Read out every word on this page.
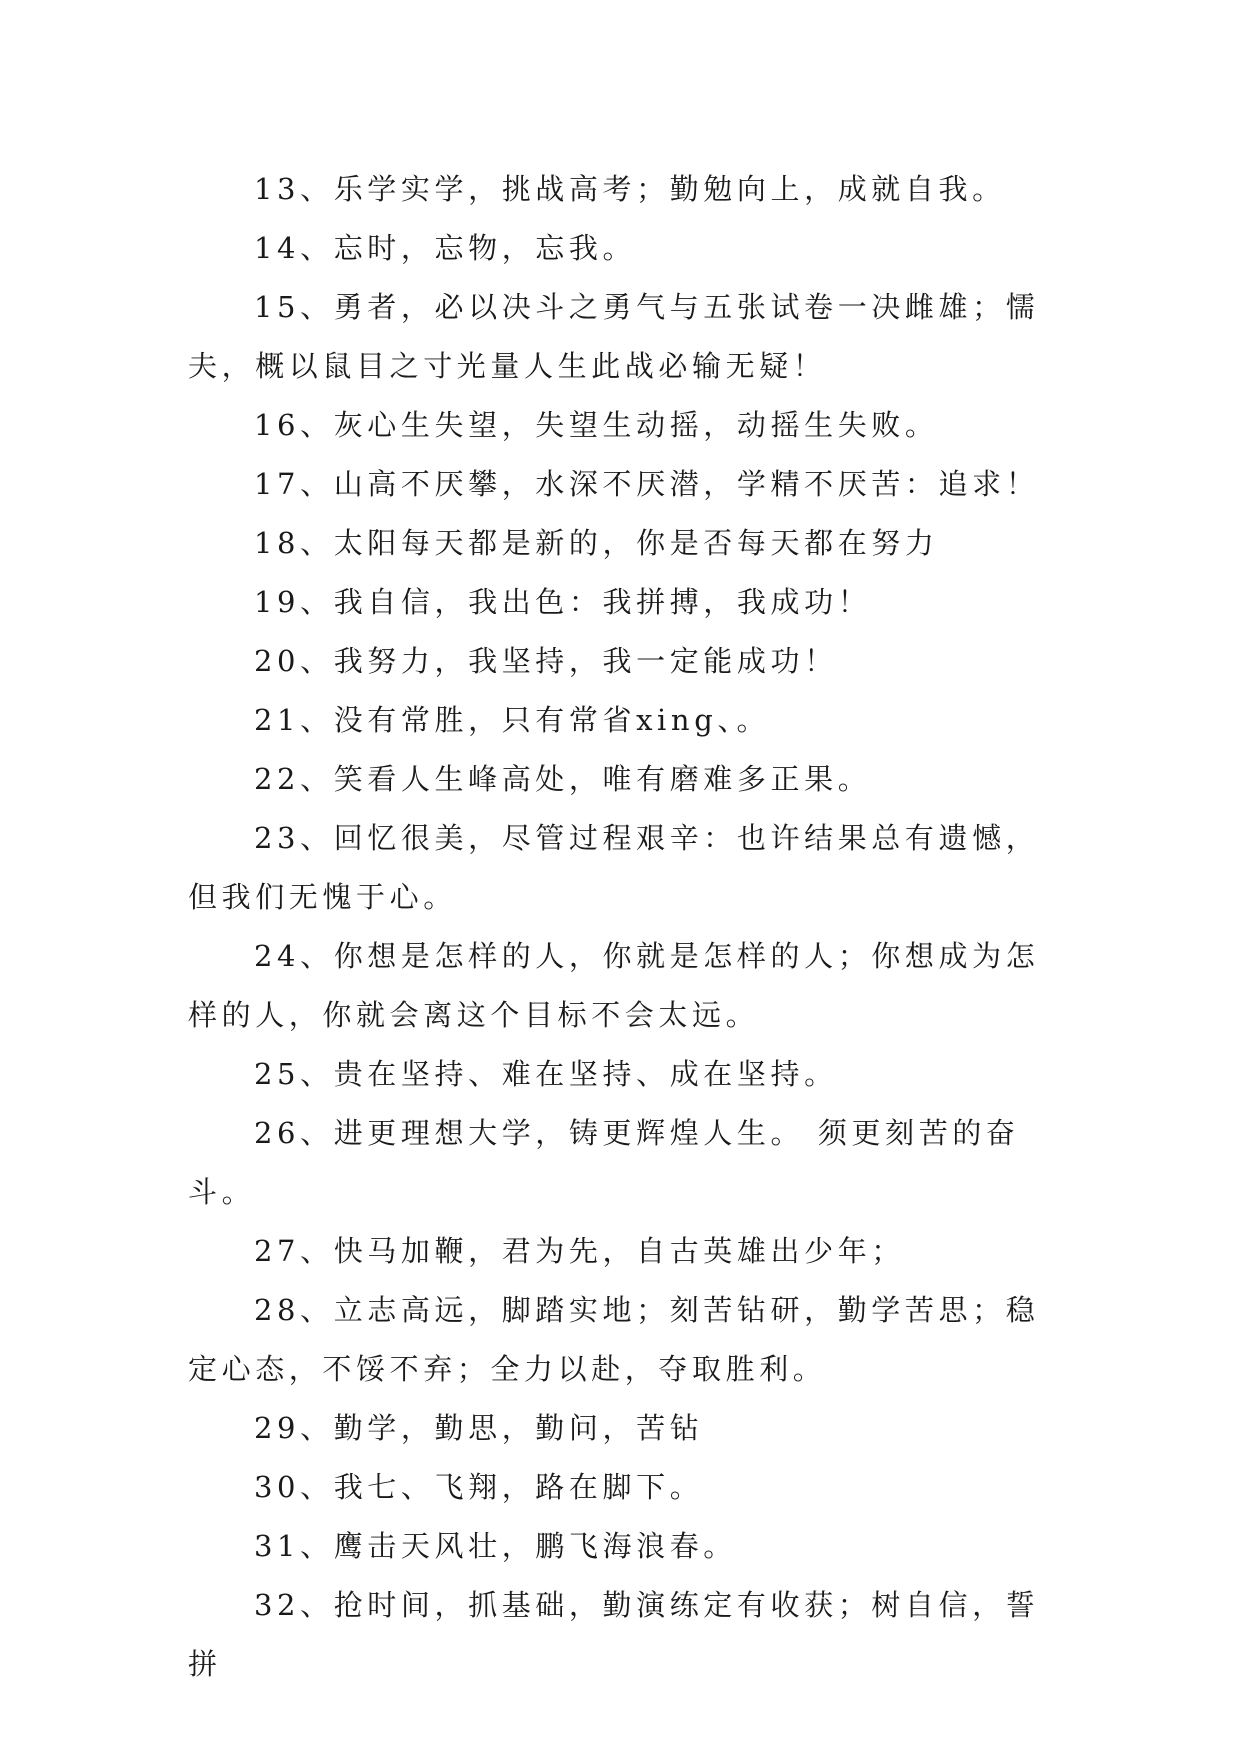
13、乐学实学，挑战高考；勤勉向上，成就自我。

14、忘时，忘物，忘我。

15、勇者，必以决斗之勇气与五张试卷一决雌雄；懦夫，概以鼠目之寸光量人生此战必输无疑！

16、灰心生失望，失望生动摇，动摇生失败。

17、山高不厌攀，水深不厌潜，学精不厌苦：追求！

18、太阳每天都是新的，你是否每天都在努力

19、我自信，我出色：我拼搏，我成功！

20、我努力，我坚持，我一定能成功！

21、没有常胜，只有常省xing、。

22、笑看人生峰高处，唯有磨难多正果。

23、回忆很美，尽管过程艰辛：也许结果总有遗憾，但我们无愧于心。

24、你想是怎样的人，你就是怎样的人；你想成为怎样的人，你就会离这个目标不会太远。

25、贵在坚持、难在坚持、成在坚持。

26、进更理想大学，铸更辉煌人生。 须更刻苦的奋斗。

27、快马加鞭，君为先，自古英雄出少年；

28、立志高远，脚踏实地；刻苦钻研，勤学苦思；稳定心态，不馁不弃；全力以赴，夺取胜利。

29、勤学，勤思，勤问，苦钻

30、我七、飞翔，路在脚下。

31、鹰击天风壮，鹏飞海浪春。

32、抢时间，抓基础，勤演练定有收获；树自信，誓拼
